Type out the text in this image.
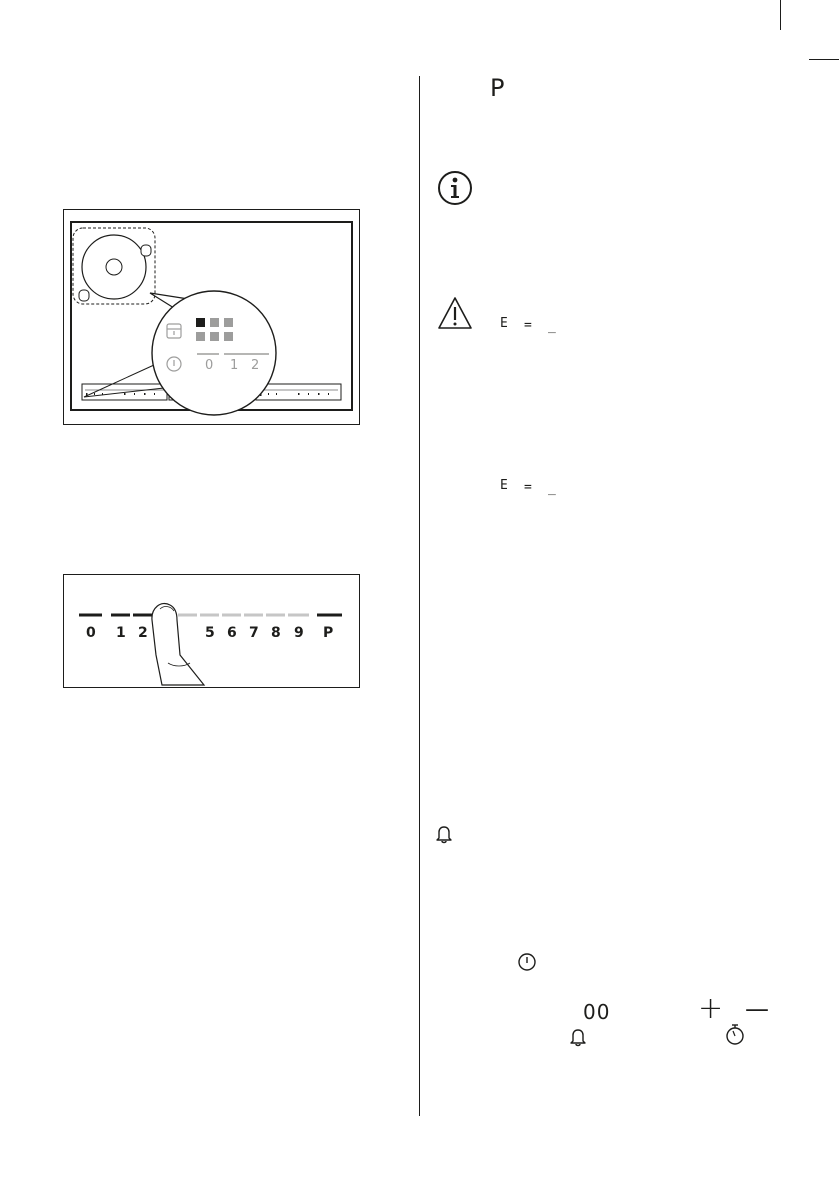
0 1 2
0 1 2	5 6 7 8 9 P
P
E = _
E = _
00	+ —
